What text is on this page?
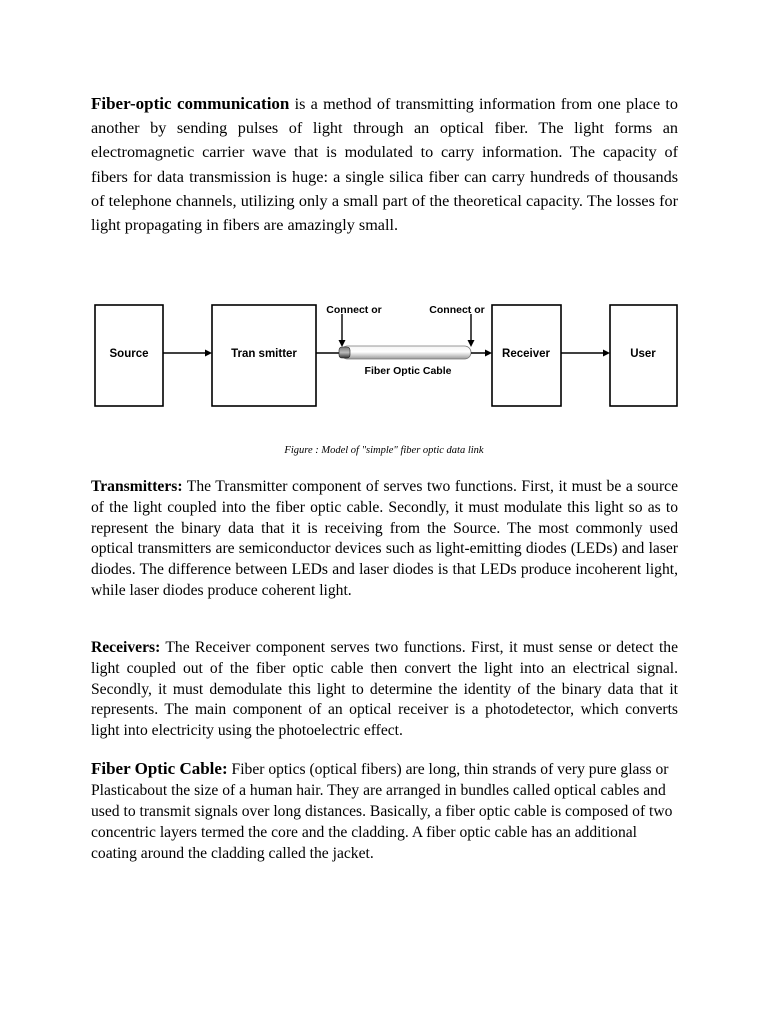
Fiber-optic communication is a method of transmitting information from one place to another by sending pulses of light through an optical fiber. The light forms an electromagnetic carrier wave that is modulated to carry information. The capacity of fibers for data transmission is huge: a single silica fiber can carry hundreds of thousands of telephone channels, utilizing only a small part of the theoretical capacity. The losses for light propagating in fibers are amazingly small.

Source	Tran smitter	Receiver	User
Connect or	Connect or
Fiber Optic Cable

Figure : Model of "simple" fiber optic data link

Transmitters: The Transmitter component of serves two functions. First, it must be a source of the light coupled into the fiber optic cable. Secondly, it must modulate this light so as to represent the binary data that it is receiving from the Source. The most commonly used optical transmitters are semiconductor devices such as light-emitting diodes (LEDs) and laser diodes. The difference between LEDs and laser diodes is that LEDs produce incoherent light, while laser diodes produce coherent light.

Receivers: The Receiver component serves two functions. First, it must sense or detect the light coupled out of the fiber optic cable then convert the light into an electrical signal. Secondly, it must demodulate this light to determine the identity of the binary data that it represents. The main component of an optical receiver is a photodetector, which converts light into electricity using the photoelectric effect.

Fiber Optic Cable: Fiber optics (optical fibers) are long, thin strands of very pure glass or Plasticabout the size of a human hair. They are arranged in bundles called optical cables and used to transmit signals over long distances. Basically, a fiber optic cable is composed of two concentric layers termed the core and the cladding. A fiber optic cable has an additional coating around the cladding called the jacket.
